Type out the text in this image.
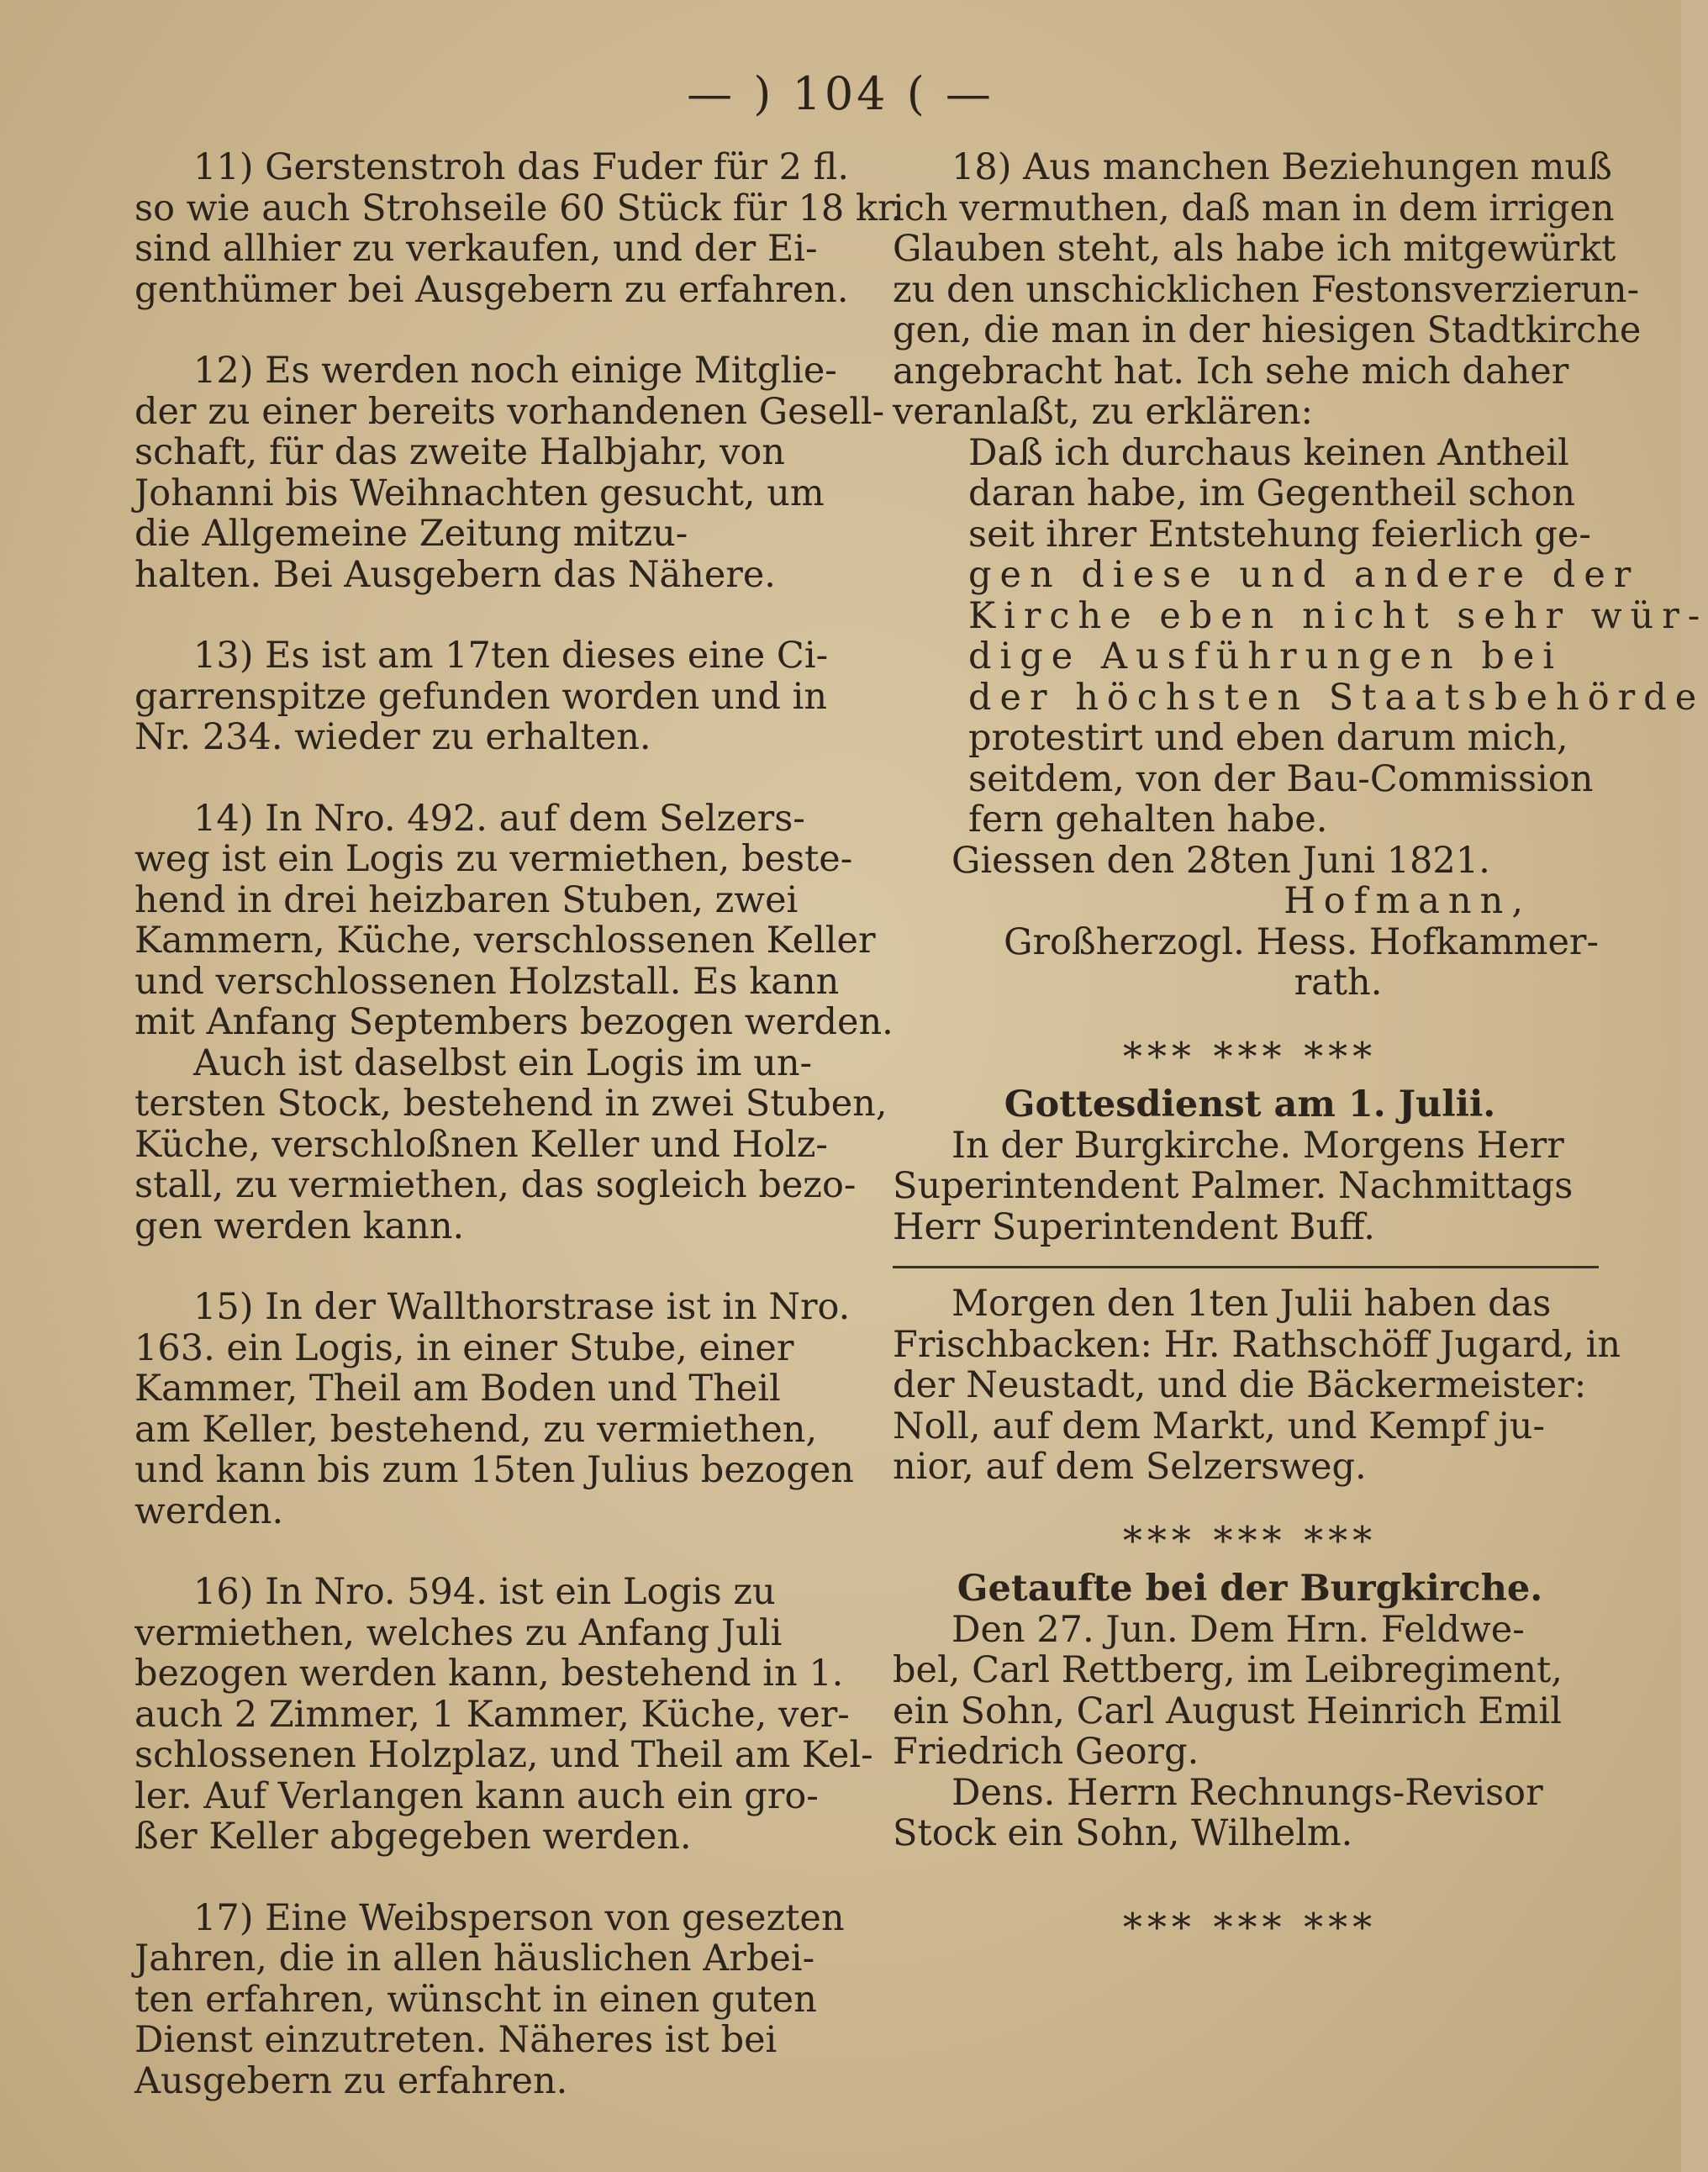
— ) 104 ( —
11) Gerstenstroh das Fuder für 2 fl.
so wie auch Strohseile 60 Stück für 18 kr.
sind allhier zu verkaufen, und der Ei-
genthümer bei Ausgebern zu erfahren.
12) Es werden noch einige Mitglie-
der zu einer bereits vorhandenen Gesell-
schaft, für das zweite Halbjahr, von
Johanni bis Weihnachten gesucht, um
die Allgemeine Zeitung mitzu-
halten. Bei Ausgebern das Nähere.
13) Es ist am 17ten dieses eine Ci-
garrenspitze gefunden worden und in
Nr. 234. wieder zu erhalten.
14) In Nro. 492. auf dem Selzers-
weg ist ein Logis zu vermiethen, beste-
hend in drei heizbaren Stuben, zwei
Kammern, Küche, verschlossenen Keller
und verschlossenen Holzstall. Es kann
mit Anfang Septembers bezogen werden.
Auch ist daselbst ein Logis im un-
tersten Stock, bestehend in zwei Stuben,
Küche, verschloßnen Keller und Holz-
stall, zu vermiethen, das sogleich bezo-
gen werden kann.
15) In der Wallthorstrase ist in Nro.
163. ein Logis, in einer Stube, einer
Kammer, Theil am Boden und Theil
am Keller, bestehend, zu vermiethen,
und kann bis zum 15ten Julius bezogen
werden.
16) In Nro. 594. ist ein Logis zu
vermiethen, welches zu Anfang Juli
bezogen werden kann, bestehend in 1.
auch 2 Zimmer, 1 Kammer, Küche, ver-
schlossenen Holzplaz, und Theil am Kel-
ler. Auf Verlangen kann auch ein gro-
ßer Keller abgegeben werden.
17) Eine Weibsperson von gesezten
Jahren, die in allen häuslichen Arbei-
ten erfahren, wünscht in einen guten
Dienst einzutreten. Näheres ist bei
Ausgebern zu erfahren.
18) Aus manchen Beziehungen muß
ich vermuthen, daß man in dem irrigen
Glauben steht, als habe ich mitgewürkt
zu den unschicklichen Festonsverzierun-
gen, die man in der hiesigen Stadtkirche
angebracht hat. Ich sehe mich daher
veranlaßt, zu erklären:
Daß ich durchaus keinen Antheil
daran habe, im Gegentheil schon
seit ihrer Entstehung feierlich ge-
gen diese und andere der
Kirche eben nicht sehr wür-
dige Ausführungen bei
der höchsten Staatsbehörde
protestirt und eben darum mich,
seitdem, von der Bau-Commission
fern gehalten habe.
Giessen den 28ten Juni 1821.
Hofmann,
Großherzogl. Hess. Hofkammer-
rath.
⁎⁎⁎ ⁎⁎⁎ ⁎⁎⁎
Gottesdienst am 1. Julii.
In der Burgkirche. Morgens Herr
Superintendent Palmer. Nachmittags
Herr Superintendent Buff.
Morgen den 1ten Julii haben das
Frischbacken: Hr. Rathschöff Jugard, in
der Neustadt, und die Bäckermeister:
Noll, auf dem Markt, und Kempf ju-
nior, auf dem Selzersweg.
⁎⁎⁎ ⁎⁎⁎ ⁎⁎⁎
Getaufte bei der Burgkirche.
Den 27. Jun. Dem Hrn. Feldwe-
bel, Carl Rettberg, im Leibregiment,
ein Sohn, Carl August Heinrich Emil
Friedrich Georg.
Dens. Herrn Rechnungs-Revisor
Stock ein Sohn, Wilhelm.
⁎⁎⁎ ⁎⁎⁎ ⁎⁎⁎
